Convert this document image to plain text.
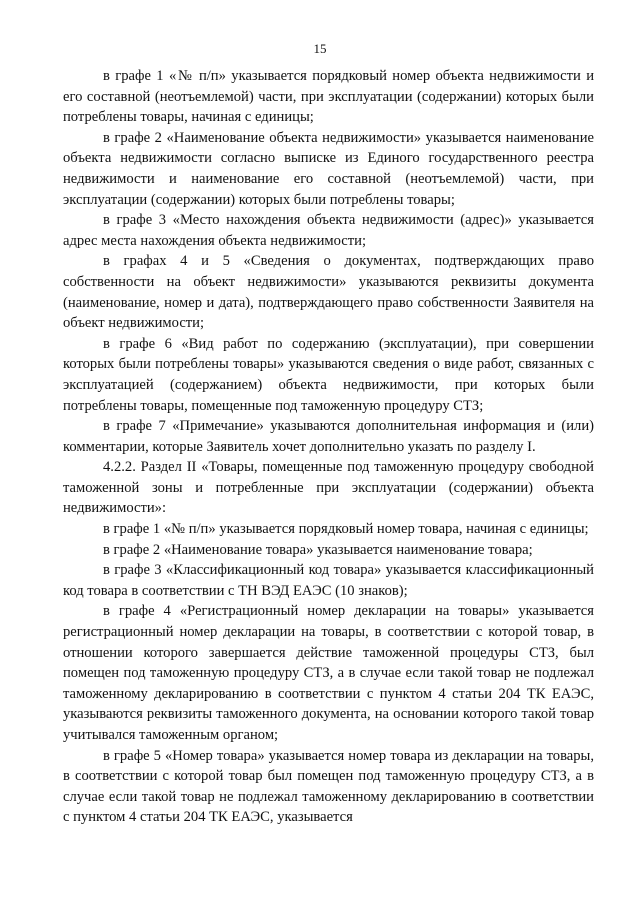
15

в графе 1 «№ п/п» указывается порядковый номер объекта недвижимости и его составной (неотъемлемой) части, при эксплуатации (содержании) которых были потреблены товары, начиная с единицы;

в графе 2 «Наименование объекта недвижимости» указывается наименование объекта недвижимости согласно выписке из Единого государственного реестра недвижимости и наименование его составной (неотъемлемой) части, при эксплуатации (содержании) которых были потреблены товары;

в графе 3 «Место нахождения объекта недвижимости (адрес)» указывается адрес места нахождения объекта недвижимости;

в графах 4 и 5 «Сведения о документах, подтверждающих право собственности на объект недвижимости» указываются реквизиты документа (наименование, номер и дата), подтверждающего право собственности Заявителя на объект недвижимости;

в графе 6 «Вид работ по содержанию (эксплуатации), при совершении которых были потреблены товары» указываются сведения о виде работ, связанных с эксплуатацией (содержанием) объекта недвижимости, при которых были потреблены товары, помещенные под таможенную процедуру СТЗ;

в графе 7 «Примечание» указываются дополнительная информация и (или) комментарии, которые Заявитель хочет дополнительно указать по разделу I.

4.2.2. Раздел II «Товары, помещенные под таможенную процедуру свободной таможенной зоны и потребленные при эксплуатации (содержании) объекта недвижимости»:

в графе 1 «№ п/п» указывается порядковый номер товара, начиная с единицы;

в графе 2 «Наименование товара» указывается наименование товара;

в графе 3 «Классификационный код товара» указывается классификационный код товара в соответствии с ТН ВЭД ЕАЭС (10 знаков);

в графе 4 «Регистрационный номер декларации на товары» указывается регистрационный номер декларации на товары, в соответствии с которой товар, в отношении которого завершается действие таможенной процедуры СТЗ, был помещен под таможенную процедуру СТЗ, а в случае если такой товар не подлежал таможенному декларированию в соответствии с пунктом 4 статьи 204 ТК ЕАЭС, указываются реквизиты таможенного документа, на основании которого такой товар учитывался таможенным органом;

в графе 5 «Номер товара» указывается номер товара из декларации на товары, в соответствии с которой товар был помещен под таможенную процедуру СТЗ, а в случае если такой товар не подлежал таможенному декларированию в соответствии с пунктом 4 статьи 204 ТК ЕАЭС, указывается
